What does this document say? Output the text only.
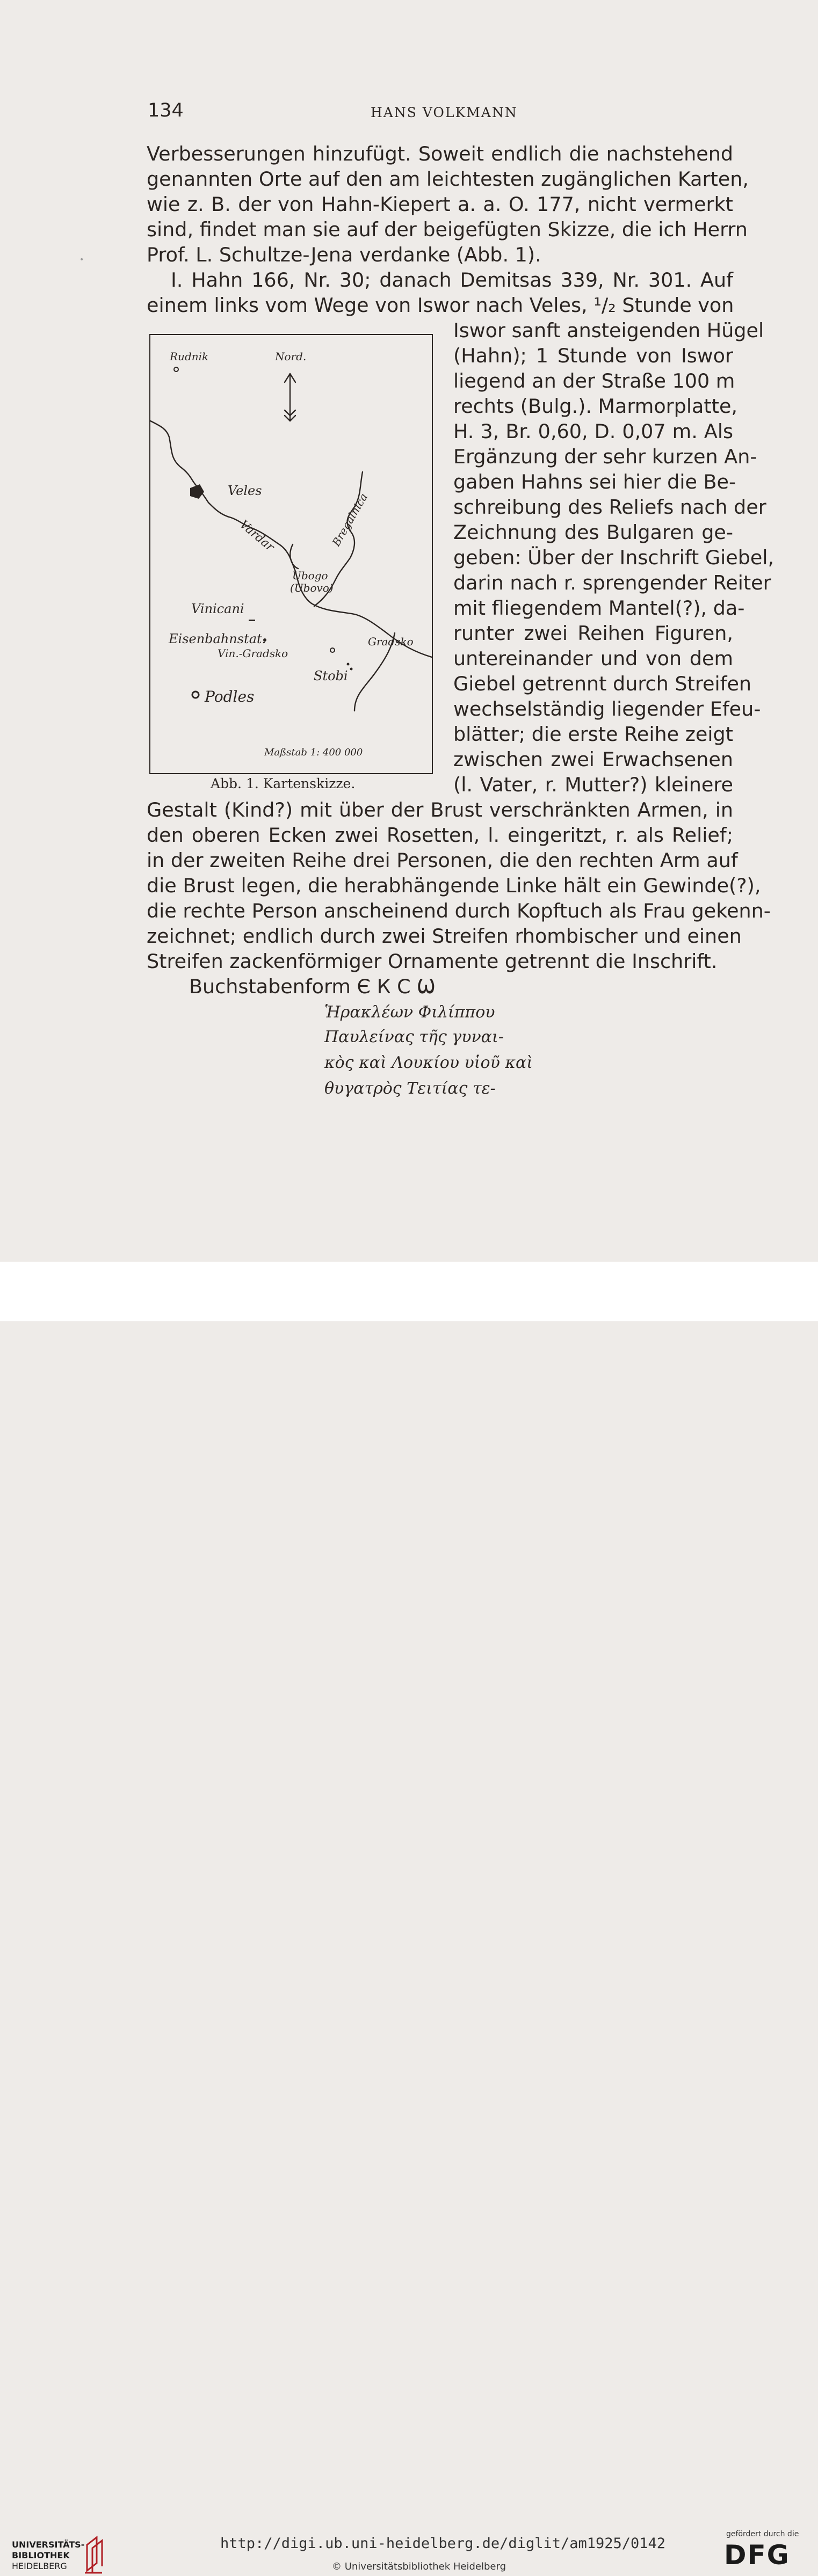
134	HANS VOLKMANN
•
Verbesserungen hinzufügt. Soweit endlich die nachstehend
genannten Orte auf den am leichtesten zugänglichen Karten,
wie z. B. der von Hahn-Kiepert a. a. O. 177, nicht vermerkt
sind, findet man sie auf der beigefügten Skizze, die ich Herrn
Prof. L. Schultze-Jena verdanke (Abb. 1).
I. Hahn 166, Nr. 30; danach Demitsas 339, Nr. 301. Auf
einem links vom Wege von Iswor nach Veles, ¹/₂ Stunde von
Iswor sanft ansteigenden Hügel
(Hahn); 1 Stunde von Iswor
liegend an der Straße 100 m
rechts (Bulg.). Marmorplatte,
H. 3, Br. 0,60, D. 0,07 m. Als
Ergänzung der sehr kurzen An-
gaben Hahns sei hier die Be-
schreibung des Reliefs nach der
Zeichnung des Bulgaren ge-
geben: Über der Inschrift Giebel,
darin nach r. sprengender Reiter
mit fliegendem Mantel(?), da-
runter zwei Reihen Figuren,
untereinander und von dem
Giebel getrennt durch Streifen
wechselständig liegender Efeu-
blätter; die erste Reihe zeigt
zwischen zwei Erwachsenen
(l. Vater, r. Mutter?) kleinere
Gestalt (Kind?) mit über der Brust verschränkten Armen, in
den oberen Ecken zwei Rosetten, l. eingeritzt, r. als Relief;
in der zweiten Reihe drei Personen, die den rechten Arm auf
die Brust legen, die herabhängende Linke hält ein Gewinde(?),
die rechte Person anscheinend durch Kopftuch als Frau gekenn-
zeichnet; endlich durch zwei Streifen rhombischer und einen
Streifen zackenförmiger Ornamente getrennt die Inschrift.
Buchstabenform Є К С Ѡ
Ἡρακλέων Φιλίππου
Παυλείνας τῆς γυναι-
κὸς καὶ Λουκίου υἱοῦ καὶ
θυγατρὸς Τειτίας τε-
Rudnik	Nord.
Veles
Vardar	Bregalnica
Ubogo
(Ubovo)
Vinicani
Eisenbahnstat.
Vin.-Gradsko
Gradsko
Stobi
Podles
Maßstab 1: 400 000
Abb. 1. Kartenskizze.
UNIVERSITÄTS-
BIBLIOTHEK
HEIDELBERG
http://digi.ub.uni-heidelberg.de/diglit/am1925/0142
© Universitätsbibliothek Heidelberg
gefördert durch die
DFG
